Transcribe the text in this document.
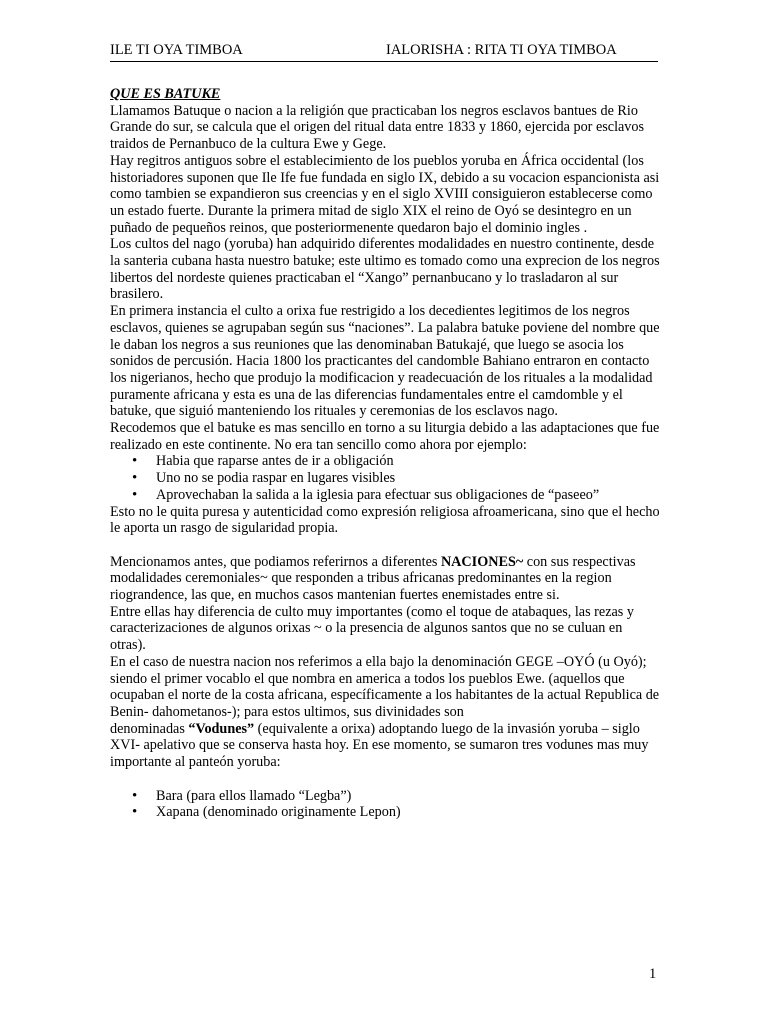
ILE TI OYA TIMBOA	IALORISHA : RITA TI OYA TIMBOA

QUE ES BATUKE

Llamamos Batuque o nacion a la religión que practicaban los negros esclavos bantues de Rio Grande do sur, se calcula que el origen del ritual data entre 1833 y 1860, ejercida por esclavos traidos de Pernanbuco de la cultura Ewe y Gege.

Hay regitros antiguos sobre el establecimiento de los pueblos yoruba en África occidental (los historiadores suponen que Ile Ife fue fundada en siglo IX, debido a su vocacion espancionista asi como tambien se expandieron sus creencias y en el siglo XVIII consiguieron establecerse como un estado fuerte. Durante la primera mitad de siglo XIX el reino de Oyó se desintegro en un puñado de pequeños reinos, que posteriormenente quedaron bajo el dominio ingles .

Los cultos del nago (yoruba) han adquirido diferentes modalidades en nuestro continente, desde la santeria cubana hasta nuestro batuke; este ultimo es tomado como una exprecion de los negros libertos del nordeste quienes practicaban el “Xango” pernanbucano y lo trasladaron al sur brasilero.

En primera instancia el culto a orixa fue restrigido a los decedientes legitimos de los negros esclavos, quienes se agrupaban según sus “naciones”. La palabra batuke poviene del nombre que le daban los negros a sus reuniones que las denominaban Batukajé, que luego se asocia los sonidos de percusión. Hacia 1800 los practicantes del candomble Bahiano entraron en contacto los nigerianos, hecho que produjo la modificacion y readecuación de los rituales a la modalidad puramente africana y esta es una de las diferencias fundamentales entre el camdomble y el batuke, que siguió manteniendo los rituales y ceremonias de los esclavos nago.

Recodemos que el batuke es mas sencillo en torno a su liturgia debido a las adaptaciones que fue realizado en este continente. No era tan sencillo como ahora por ejemplo:

• Habia que raparse antes de ir a obligación
• Uno no se podia raspar en lugares visibles
• Aprovechaban la salida a la iglesia para efectuar sus obligaciones de “paseeo”

Esto no le quita puresa y autenticidad como expresión religiosa afroamericana, sino que el hecho le aporta un rasgo de sigularidad propia.

Mencionamos antes, que podiamos referirnos a diferentes NACIONES~ con sus respectivas modalidades ceremoniales~ que responden a tribus africanas predominantes en la region riograndence, las que, en muchos casos mantenian fuertes enemistades entre si.

Entre ellas hay diferencia de culto muy importantes (como el toque de atabaques, las rezas y caracterizaciones de algunos orixas ~ o la presencia de algunos santos que no se culuan en otras).

En el caso de nuestra nacion nos referimos a ella bajo la denominación GEGE –OYÓ (u Oyó); siendo el primer vocablo el que nombra en america a todos los pueblos Ewe. (aquellos que ocupaban el norte de la costa africana, específicamente a los habitantes de la actual Republica de Benin- dahometanos-); para estos ultimos, sus divinidades son

denominadas “Vodunes” (equivalente a orixa) adoptando luego de la invasión yoruba – siglo XVI- apelativo que se conserva hasta hoy. En ese momento, se sumaron tres vodunes mas muy importante al panteón yoruba:

• Bara (para ellos llamado “Legba”)
• Xapana (denominado originamente Lepon)
1
